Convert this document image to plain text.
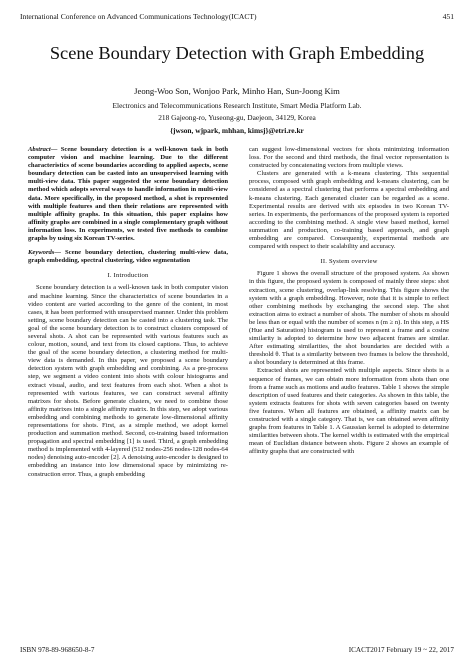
International Conference on Advanced Communications Technology(ICACT)	451
Scene Boundary Detection with Graph Embedding
Jeong-Woo Son, Wonjoo Park, Minho Han, Sun-Joong Kim
Electronics and Telecommunications Research Institute, Smart Media Platform Lab.
218 Gajeong-ro, Yuseong-gu, Daejeon, 34129, Korea
{jwson, wjpark, mhhan, kimsj}@etri.re.kr

Abstract— Scene boundary detection is a well-known task in both computer vision and machine learning. Due to the different characteristics of scene boundaries according to applied aspects, scene boundary detection can be casted into an unsupervised learning with multi-view data. This paper suggested the scene boundary detection method which adopts several ways to handle information in multi-view data. More specifically, in the proposed method, a shot is represented with multiple features and then their relations are represented with multiple affinity graphs. In this situation, this paper explains how affinity graphs are combined in a single complementary graph without information loss. In experiments, we tested five methods to combine graphs by using six Korean TV-series.

Keywords— Scene boundary detection, clustering multi-view data, graph embedding, spectral clustering, video segmentation

I. Introduction

Scene boundary detection is a well-known task in both computer vision and machine learning. Since the characteristics of scene boundaries in a video content are varied according to the genre of the content, in most cases, it has been performed with unsupervised manner. Under this problem setting, scene boundary detection can be casted into a clustering task. The goal of the scene boundary detection is to construct clusters composed of several shots. A shot can be represented with various features such as colour, motion, sound, and text from its closed captions. Thus, to achieve the goal of the scene boundary detection, a clustering method for multi-view data is demanded. In this paper, we proposed a scene boundary detection system with graph embedding and combining. As a pre-process step, we segment a video content into shots with colour histograms and extract visual, audio, and text features from each shot. When a shot is represented with various features, we can construct several affinity matrixes for shots. Before generate clusters, we need to combine those affinity matrixes into a single affinity matrix. In this step, we adopt various embedding and combining methods to generate low-dimensional affinity representations for shots. First, as a simple method, we adopt kernel production and summation method. Second, co-training based information propagation and spectral embedding [1] is used. Third, a graph embedding method is implemented with 4-layered (512 nodes-256 nodes-128 nodes-64 nodes) denoising auto-encoder [2]. A denoising auto-encoder is designed to embedding an instance into low dimensional space by minimizing re-construction error. Thus, a graph embedding

can suggest low-dimensional vectors for shots minimizing information loss. For the second and third methods, the final vector representation is constructed by concatenating vectors from multiple views.

Clusters are generated with a k-means clustering. This sequential process, composed with graph embedding and k-means clustering, can be considered as a spectral clustering that performs a spectral embedding and k-means clustering. Each generated cluster can be regarded as a scene. Experimental results are derived with six episodes in two Korean TV-series. In experiments, the performances of the proposed system is reported according to the combining method. A single view based method, kernel summation and production, co-training based approach, and graph embedding are compared. Consequently, experimental methods are compared with respect to their scalability and accuracy.

II. System overview

Figure 1 shows the overall structure of the proposed system. As shown in this figure, the proposed system is composed of mainly three steps: shot extraction, scene clustering, overlap-link resolving. This figure shows the system with a graph embedding. However, note that it is simple to reflect other combining methods by exchanging the second step. The shot extraction aims to extract a number of shots. The number of shots m should be less than or equal with the number of scenes n (m ≥ n). In this step, a HS (Hue and Saturation) histogram is used to represent a frame and a cosine similarity is adopted to determine how two adjacent frames are similar. After estimating similarities, the shot boundaries are decided with a threshold θ. That is a similarity between two frames is below the threshold, a shot boundary is determined at this frame.

Extracted shots are represented with multiple aspects. Since shots is a sequence of frames, we can obtain more information from shots than one from a frame such as motions and audio features. Table 1 shows the simple description of used features and their categories. As shown in this table, the system extracts features for shots with seven categories based on twenty five features. When all features are obtained, a affinity matrix can be constructed with a single category. That is, we can obtained seven affinity graphs from features in Table 1. A Gaussian kernel is adopted to determine similarities between shots. The kernel width is estimated with the empirical mean of Euclidian distance between shots. Figure 2 shows an example of affinity graphs that are constructed with

ISBN 978-89-968650-8-7	ICACT2017 February 19 ~ 22, 2017
